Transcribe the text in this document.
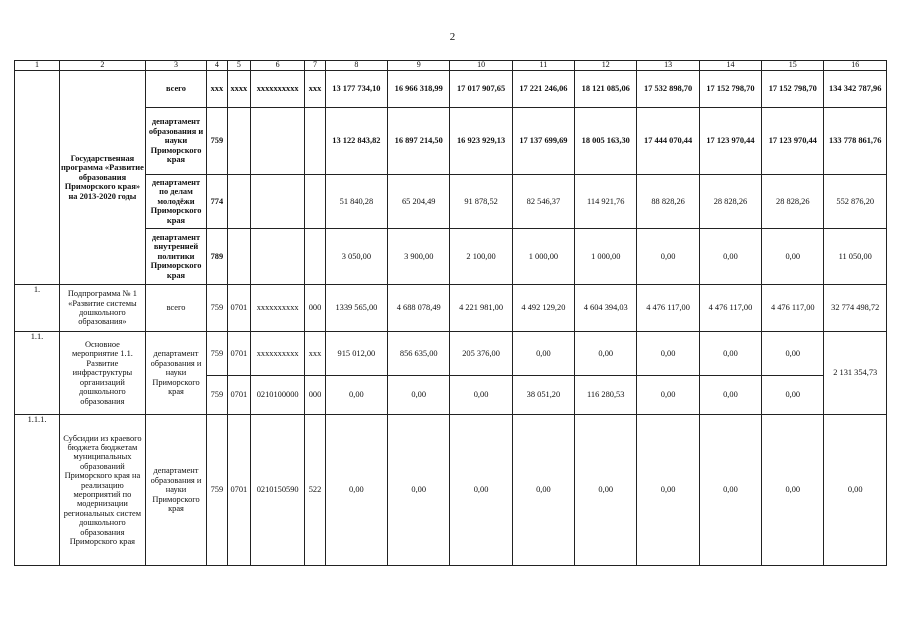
2
1	2	3	4	5	6	7	8	9	10	11	12	13	14	15	16
	Государственная программа «Развитие образования Приморского края» на 2013-2020 годы	всего	ххх	хххх	хххххххххх	ххх	13 177 734,10	16 966 318,99	17 017 907,65	17 221 246,06	18 121 085,06	17 532 898,70	17 152 798,70	17 152 798,70	134 342 787,96
		департамент образования и науки Приморского края	759				13 122 843,82	16 897 214,50	16 923 929,13	17 137 699,69	18 005 163,30	17 444 070,44	17 123 970,44	17 123 970,44	133 778 861,76
		департамент по делам молодёжи Приморского края	774				51 840,28	65 204,49	91 878,52	82 546,37	114 921,76	88 828,26	28 828,26	28 828,26	552 876,20
		департамент внутренней политики Приморского края	789				3 050,00	3 900,00	2 100,00	1 000,00	1 000,00	0,00	0,00	0,00	11 050,00
1.	Подпрограмма № 1 «Развитие системы дошкольного образования»	всего	759	0701	хххххххххх	000	1339 565,00	4 688 078,49	4 221 981,00	4 492 129,20	4 604 394,03	4 476 117,00	4 476 117,00	4 476 117,00	32 774 498,72
1.1.	Основное мероприятие 1.1. Развитие инфраструктуры организаций дошкольного образования	департамент образования и науки Приморского края	759	0701	хххххххххх	ххх	915 012,00	856 635,00	205 376,00	0,00	0,00	0,00	0,00	0,00	2 131 354,73
			759	0701	0210100000	000	0,00	0,00	0,00	38 051,20	116 280,53	0,00	0,00	0,00	
1.1.1.	Субсидии из краевого бюджета бюджетам муниципальных образований Приморского края на реализацию мероприятий по модернизации региональных систем дошкольного образования Приморского края	департамент образования и науки Приморского края	759	0701	0210150590	522	0,00	0,00	0,00	0,00	0,00	0,00	0,00	0,00	0,00
